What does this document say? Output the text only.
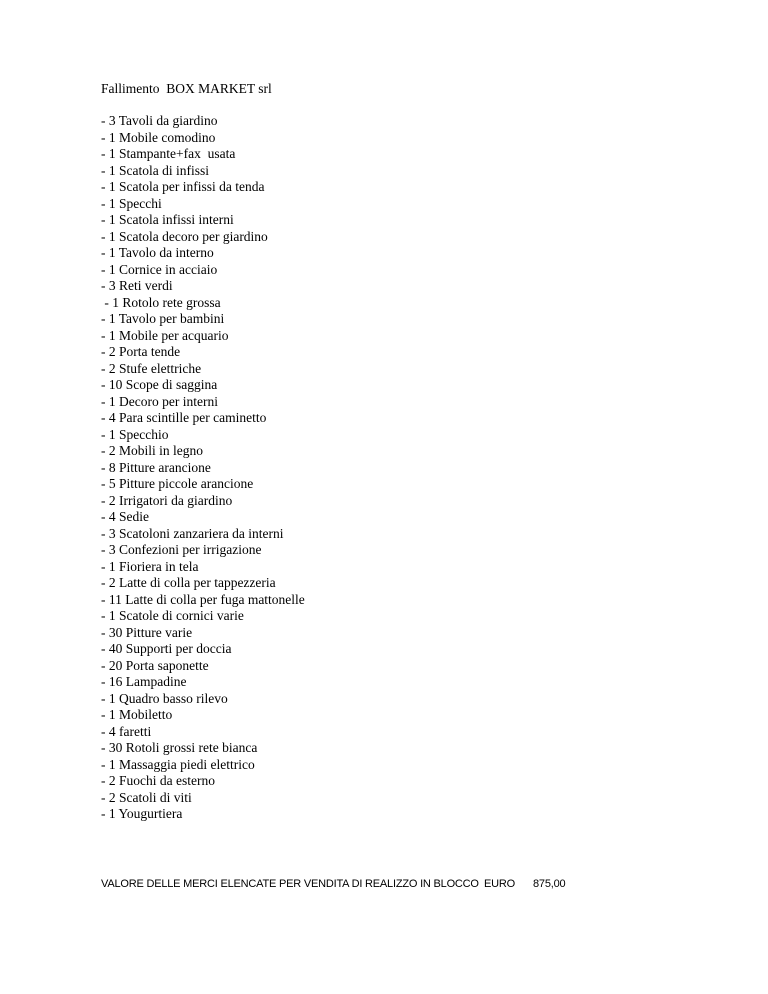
Fallimento  BOX MARKET srl
- 3 Tavoli da giardino
- 1 Mobile comodino
- 1 Stampante+fax  usata
- 1 Scatola di infissi
- 1 Scatola per infissi da tenda
- 1 Specchi
- 1 Scatola infissi interni
- 1 Scatola decoro per giardino
- 1 Tavolo da interno
- 1 Cornice in acciaio
- 3 Reti verdi
- 1 Rotolo rete grossa
- 1 Tavolo per bambini
- 1 Mobile per acquario
- 2 Porta tende
- 2 Stufe elettriche
- 10 Scope di saggina
- 1 Decoro per interni
- 4 Para scintille per caminetto
- 1 Specchio
- 2 Mobili in legno
- 8 Pitture arancione
- 5 Pitture piccole arancione
- 2 Irrigatori da giardino
- 4 Sedie
- 3 Scatoloni zanzariera da interni
- 3 Confezioni per irrigazione
- 1 Fioriera in tela
- 2 Latte di colla per tappezzeria
- 11 Latte di colla per fuga mattonelle
- 1 Scatole di cornici varie
- 30 Pitture varie
- 40 Supporti per doccia
- 20 Porta saponette
- 16 Lampadine
- 1 Quadro basso rilevo
- 1 Mobiletto
- 4 faretti
- 30 Rotoli grossi rete bianca
- 1 Massaggia piedi elettrico
- 2 Fuochi da esterno
- 2 Scatoli di viti
- 1 Yougurtiera

VALORE DELLE MERCI ELENCATE PER VENDITA DI REALIZZO IN BLOCCO

EURO

875,00
